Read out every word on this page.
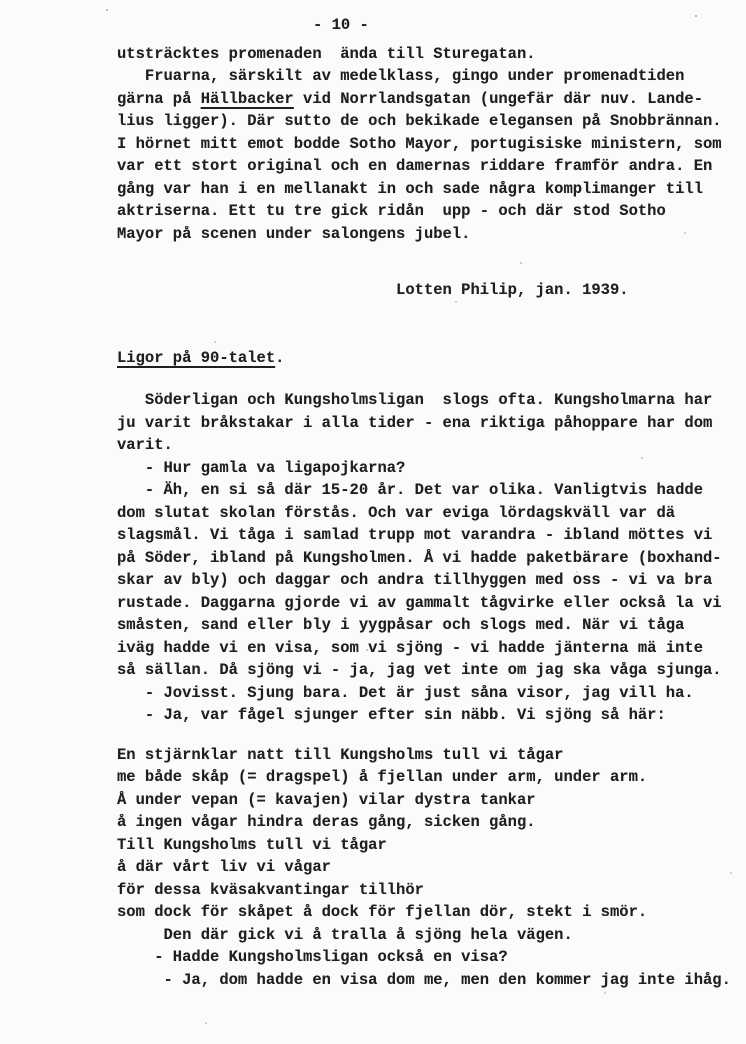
- 10 -
utsträcktes promenaden  ända till Sturegatan.
Fruarna, särskilt av medelklass, gingo under promenadtiden
gärna på Hällbacker vid Norrlandsgatan (ungefär där nuv. Lande-
lius ligger). Där sutto de och bekikade elegansen på Snobbrännan.
I hörnet mitt emot bodde Sotho Mayor, portugisiske ministern, som
var ett stort original och en damernas riddare framför andra. En
gång var han i en mellanakt in och sade några komplimanger till
aktriserna. Ett tu tre gick ridån  upp - och där stod Sotho
Mayor på scenen under salongens jubel.
Lotten Philip, jan. 1939.
Ligor på 90-talet.
Söderligan och Kungsholmsligan  slogs ofta. Kungsholmarna har
ju varit bråkstakar i alla tider - ena riktiga påhoppare har dom
varit.
- Hur gamla va ligapojkarna?
- Äh, en si så där 15-20 år. Det var olika. Vanligtvis hadde
dom slutat skolan förstås. Och var eviga lördagskväll var dä
slagsmål. Vi tåga i samlad trupp mot varandra - ibland möttes vi
på Söder, ibland på Kungsholmen. Å vi hadde paketbärare (boxhand-
skar av bly) och daggar och andra tillhyggen med oss - vi va bra
rustade. Daggarna gjorde vi av gammalt tågvirke eller också la vi
småsten, sand eller bly i yygpåsar och slogs med. När vi tåga
iväg hadde vi en visa, som vi sjöng - vi hadde jänterna mä inte
så sällan. Då sjöng vi - ja, jag vet inte om jag ska våga sjunga.
- Jovisst. Sjung bara. Det är just såna visor, jag vill ha.
- Ja, var fågel sjunger efter sin näbb. Vi sjöng så här:
En stjärnklar natt till Kungsholms tull vi tågar
me både skåp (= dragspel) å fjellan under arm, under arm.
Å under vepan (= kavajen) vilar dystra tankar
å ingen vågar hindra deras gång, sicken gång.
Till Kungsholms tull vi tågar
å där vårt liv vi vågar
för dessa kväsakvantingar tillhör
som dock för skåpet å dock för fjellan dör, stekt i smör.
Den där gick vi å tralla å sjöng hela vägen.
- Hadde Kungsholmsligan också en visa?
- Ja, dom hadde en visa dom me, men den kommer jag inte ihåg.
